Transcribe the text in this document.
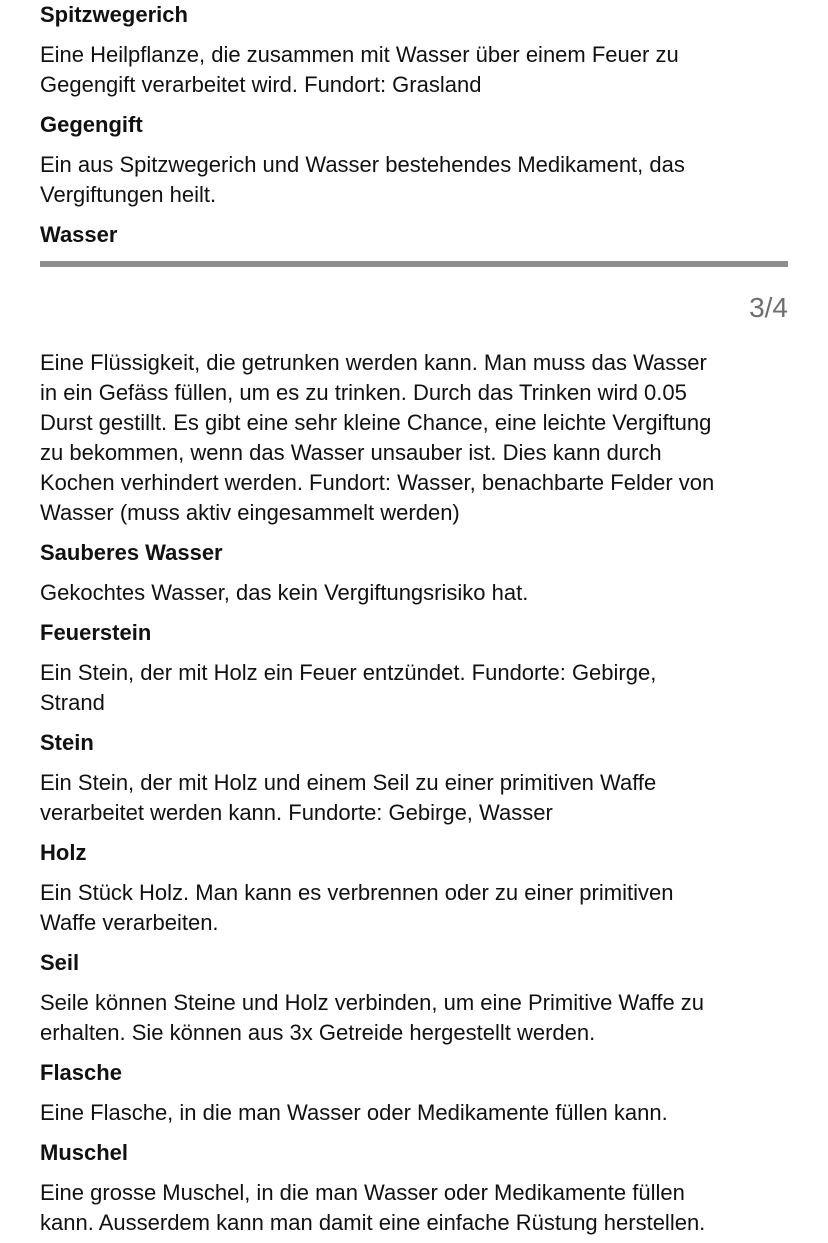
Spitzwegerich

Eine Heilpflanze, die zusammen mit Wasser über einem Feuer zu

Gegengift verarbeitet wird. Fundort: Grasland

Gegengift

Ein aus Spitzwegerich und Wasser bestehendes Medikament, das

Vergiftungen heilt.

Wasser

3/4

Eine Flüssigkeit, die getrunken werden kann. Man muss das Wasser

in ein Gefäss füllen, um es zu trinken. Durch das Trinken wird 0.05

Durst gestillt. Es gibt eine sehr kleine Chance, eine leichte Vergiftung

zu bekommen, wenn das Wasser unsauber ist. Dies kann durch

Kochen verhindert werden. Fundort: Wasser, benachbarte Felder von

Wasser (muss aktiv eingesammelt werden)

Sauberes Wasser

Gekochtes Wasser, das kein Vergiftungsrisiko hat.

Feuerstein

Ein Stein, der mit Holz ein Feuer entzündet. Fundorte: Gebirge,

Strand

Stein

Ein Stein, der mit Holz und einem Seil zu einer primitiven Waffe

verarbeitet werden kann. Fundorte: Gebirge, Wasser

Holz

Ein Stück Holz. Man kann es verbrennen oder zu einer primitiven

Waffe verarbeiten.

Seil

Seile können Steine und Holz verbinden, um eine Primitive Waffe zu

erhalten. Sie können aus 3x Getreide hergestellt werden.

Flasche

Eine Flasche, in die man Wasser oder Medikamente füllen kann.

Muschel

Eine grosse Muschel, in die man Wasser oder Medikamente füllen

kann. Ausserdem kann man damit eine einfache Rüstung herstellen.
